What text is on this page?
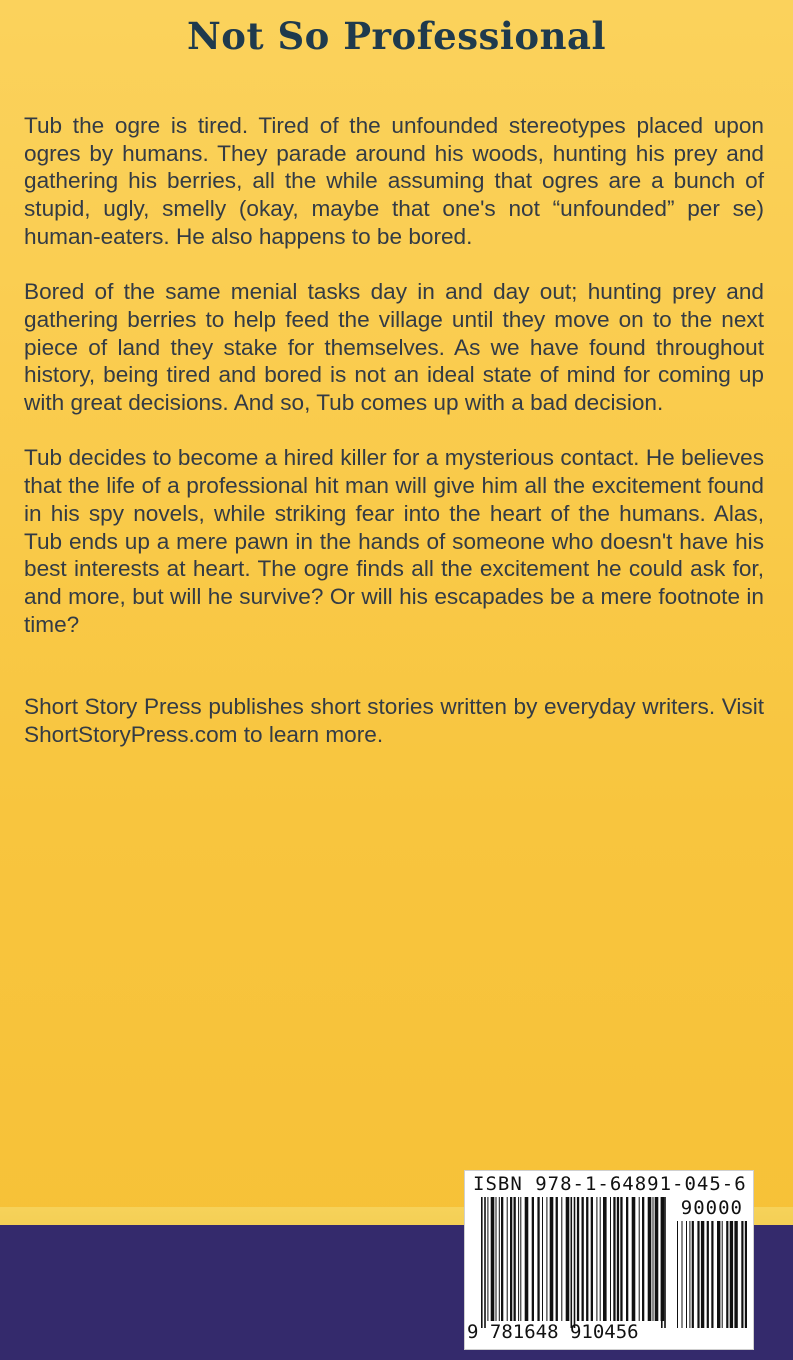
Not So Professional

Tub the ogre is tired. Tired of the unfounded stereotypes placed upon ogres by humans. They parade around his woods, hunting his prey and gathering his berries, all the while assuming that ogres are a bunch of stupid, ugly, smelly (okay, maybe that one's not “unfounded” per se) human-eaters. He also happens to be bored.

Bored of the same menial tasks day in and day out; hunting prey and gathering berries to help feed the village until they move on to the next piece of land they stake for themselves. As we have found throughout history, being tired and bored is not an ideal state of mind for coming up with great decisions. And so, Tub comes up with a bad decision.

Tub decides to become a hired killer for a mysterious contact. He believes that the life of a professional hit man will give him all the excitement found in his spy novels, while striking fear into the heart of the humans. Alas, Tub ends up a mere pawn in the hands of someone who doesn't have his best interests at heart. The ogre finds all the excitement he could ask for, and more, but will he survive? Or will his escapades be a mere footnote in time?

Short Story Press publishes short stories written by everyday writers. Visit ShortStoryPress.com to learn more.

ISBN 978-1-64891-045-6
90000
9 781648 910456
